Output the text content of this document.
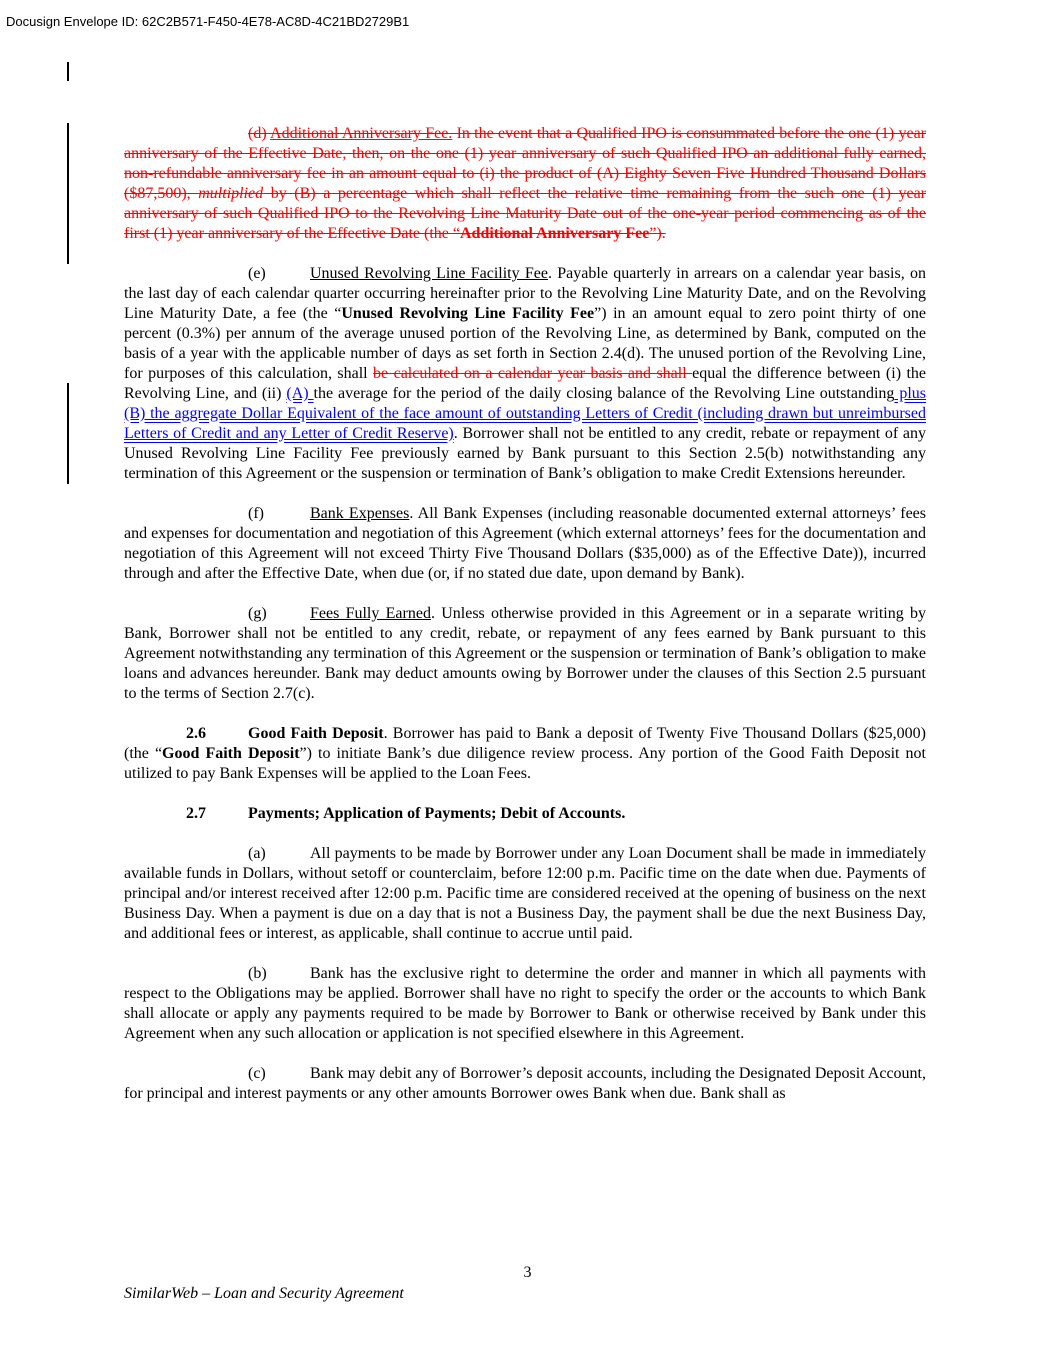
Docusign Envelope ID: 62C2B571-F450-4E78-AC8D-4C21BD2729B1

(d) Additional Anniversary Fee. In the event that a Qualified IPO is consummated before the one (1) year anniversary of the Effective Date, then, on the one (1) year anniversary of such Qualified IPO an additional fully earned, non-refundable anniversary fee in an amount equal to (i) the product of (A) Eighty Seven Five Hundred Thousand Dollars ($87,500), multiplied by (B) a percentage which shall reflect the relative time remaining from the such one (1) year anniversary of such Qualified IPO to the Revolving Line Maturity Date out of the one-year period commencing as of the first (1) year anniversary of the Effective Date (the “Additional Anniversary Fee”).

(e)	Unused Revolving Line Facility Fee. Payable quarterly in arrears on a calendar year basis, on the last day of each calendar quarter occurring hereinafter prior to the Revolving Line Maturity Date, and on the Revolving Line Maturity Date, a fee (the “Unused Revolving Line Facility Fee”) in an amount equal to zero point thirty of one percent (0.3%) per annum of the average unused portion of the Revolving Line, as determined by Bank, computed on the basis of a year with the applicable number of days as set forth in Section 2.4(d). The unused portion of the Revolving Line, for purposes of this calculation, shall be calculated on a calendar year basis and shall equal the difference between (i) the Revolving Line, and (ii) (A) the average for the period of the daily closing balance of the Revolving Line outstanding plus (B) the aggregate Dollar Equivalent of the face amount of outstanding Letters of Credit (including drawn but unreimbursed Letters of Credit and any Letter of Credit Reserve). Borrower shall not be entitled to any credit, rebate or repayment of any Unused Revolving Line Facility Fee previously earned by Bank pursuant to this Section 2.5(b) notwithstanding any termination of this Agreement or the suspension or termination of Bank’s obligation to make Credit Extensions hereunder.

(f)	Bank Expenses. All Bank Expenses (including reasonable documented external attorneys’ fees and expenses for documentation and negotiation of this Agreement (which external attorneys’ fees for the documentation and negotiation of this Agreement will not exceed Thirty Five Thousand Dollars ($35,000) as of the Effective Date)), incurred through and after the Effective Date, when due (or, if no stated due date, upon demand by Bank).

(g)	Fees Fully Earned. Unless otherwise provided in this Agreement or in a separate writing by Bank, Borrower shall not be entitled to any credit, rebate, or repayment of any fees earned by Bank pursuant to this Agreement notwithstanding any termination of this Agreement or the suspension or termination of Bank’s obligation to make loans and advances hereunder. Bank may deduct amounts owing by Borrower under the clauses of this Section 2.5 pursuant to the terms of Section 2.7(c).

2.6	Good Faith Deposit. Borrower has paid to Bank a deposit of Twenty Five Thousand Dollars ($25,000) (the “Good Faith Deposit”) to initiate Bank’s due diligence review process. Any portion of the Good Faith Deposit not utilized to pay Bank Expenses will be applied to the Loan Fees.

2.7	Payments; Application of Payments; Debit of Accounts.

(a)	All payments to be made by Borrower under any Loan Document shall be made in immediately available funds in Dollars, without setoff or counterclaim, before 12:00 p.m. Pacific time on the date when due. Payments of principal and/or interest received after 12:00 p.m. Pacific time are considered received at the opening of business on the next Business Day. When a payment is due on a day that is not a Business Day, the payment shall be due the next Business Day, and additional fees or interest, as applicable, shall continue to accrue until paid.

(b)	Bank has the exclusive right to determine the order and manner in which all payments with respect to the Obligations may be applied. Borrower shall have no right to specify the order or the accounts to which Bank shall allocate or apply any payments required to be made by Borrower to Bank or otherwise received by Bank under this Agreement when any such allocation or application is not specified elsewhere in this Agreement.

(c)	Bank may debit any of Borrower’s deposit accounts, including the Designated Deposit Account, for principal and interest payments or any other amounts Borrower owes Bank when due. Bank shall as

3
SimilarWeb – Loan and Security Agreement
